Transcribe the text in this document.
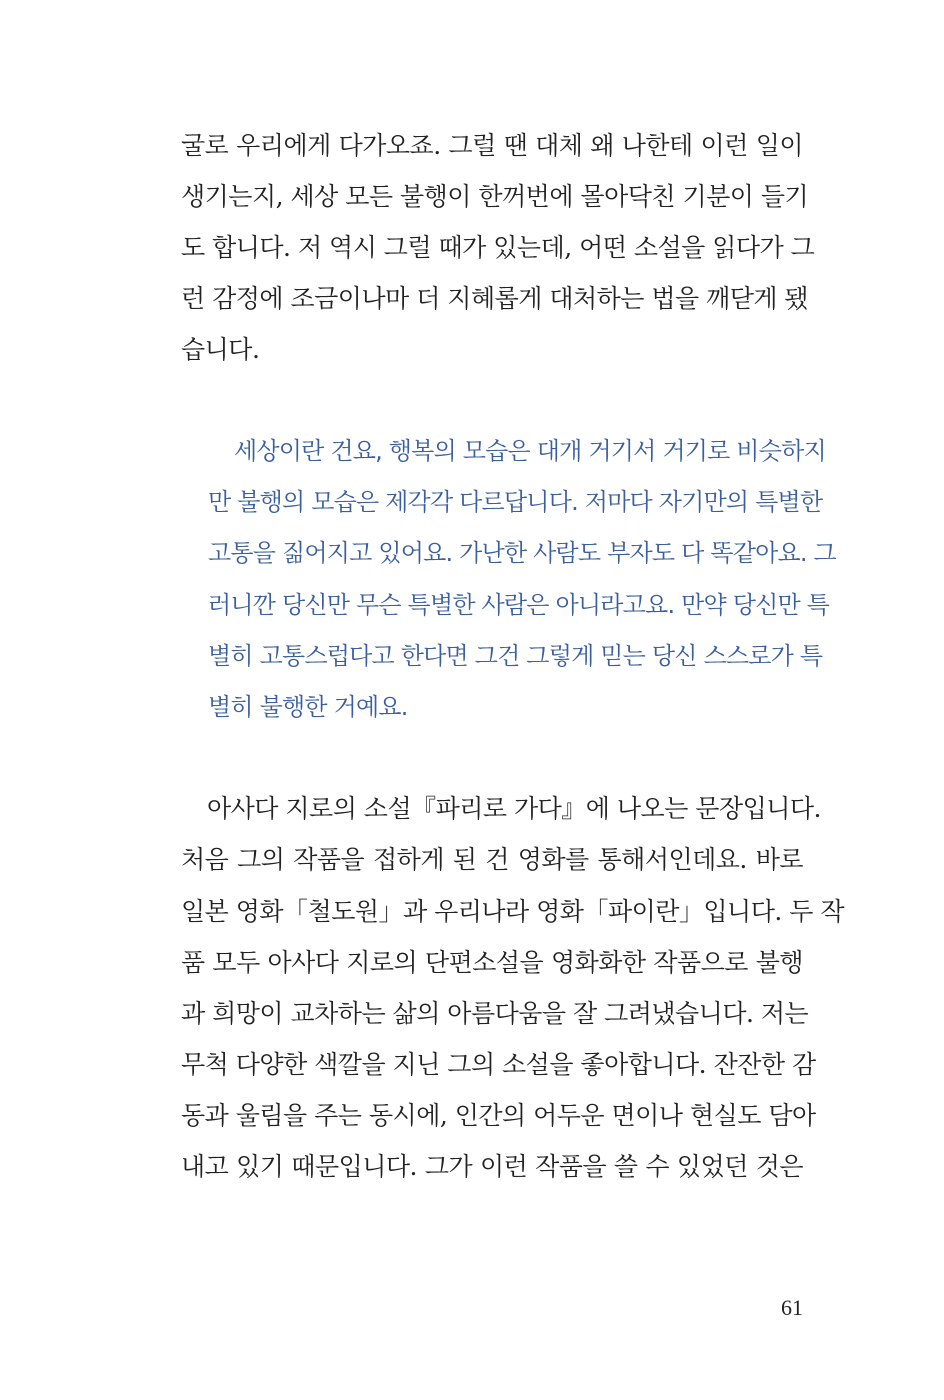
굴로 우리에게 다가오죠. 그럴 땐 대체 왜 나한테 이런 일이
생기는지, 세상 모든 불행이 한꺼번에 몰아닥친 기분이 들기
도 합니다. 저 역시 그럴 때가 있는데, 어떤 소설을 읽다가 그
런 감정에 조금이나마 더 지혜롭게 대처하는 법을 깨닫게 됐
습니다.
세상이란 건요, 행복의 모습은 대개 거기서 거기로 비슷하지
만 불행의 모습은 제각각 다르답니다. 저마다 자기만의 특별한
고통을 짊어지고 있어요. 가난한 사람도 부자도 다 똑같아요. 그
러니깐 당신만 무슨 특별한 사람은 아니라고요. 만약 당신만 특
별히 고통스럽다고 한다면 그건 그렇게 믿는 당신 스스로가 특
별히 불행한 거예요.
아사다 지로의 소설『파리로 가다』에 나오는 문장입니다.
처음 그의 작품을 접하게 된 건 영화를 통해서인데요. 바로
일본 영화「철도원」과 우리나라 영화「파이란」입니다. 두 작
품 모두 아사다 지로의 단편소설을 영화화한 작품으로 불행
과 희망이 교차하는 삶의 아름다움을 잘 그려냈습니다. 저는
무척 다양한 색깔을 지닌 그의 소설을 좋아합니다. 잔잔한 감
동과 울림을 주는 동시에, 인간의 어두운 면이나 현실도 담아
내고 있기 때문입니다. 그가 이런 작품을 쓸 수 있었던 것은
61
